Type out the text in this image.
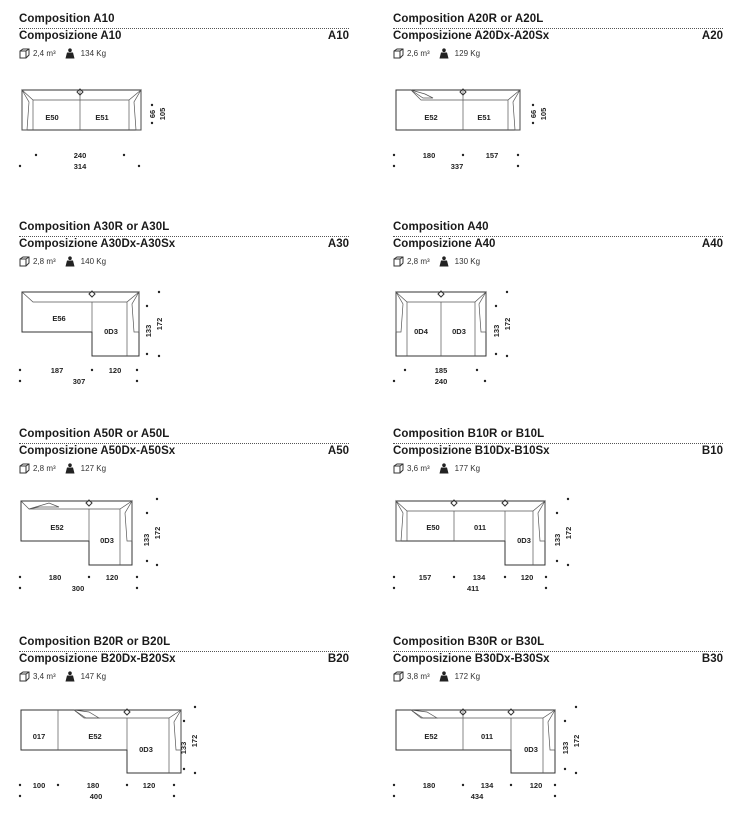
Composition A10
Composizione A10	A10
2,4 m³	134 Kg
E50	E51
240
314
66 105
Composition A20R or A20L
Composizione A20Dx-A20Sx	A20
2,6 m³	129 Kg
E52	E51
180	157
337
66 105
Composition A30R or A30L
Composizione A30Dx-A30Sx	A30
2,8 m³	140 Kg
E56
0D3
187	120
307
133
172
Composition A40
Composizione A40	A40
2,8 m³	130 Kg
0D4	0D3
185
240
133
172
Composition A50R or A50L
Composizione A50Dx-A50Sx	A50
2,8 m³	127 Kg
E52
0D3
180	120
300
133
172
Composition B10R or B10L
Composizione B10Dx-B10Sx	B10
3,6 m³	177 Kg
E50	011
0D3
157	134	120
411
133
172
Composition B20R or B20L
Composizione B20Dx-B20Sx	B20
3,4 m³	147 Kg
017	E52
0D3
100	180	120
400
133
172
Composition B30R or B30L
Composizione B30Dx-B30Sx	B30
3,8 m³	172 Kg
E52	011
0D3
180	134	120
434
133
172
